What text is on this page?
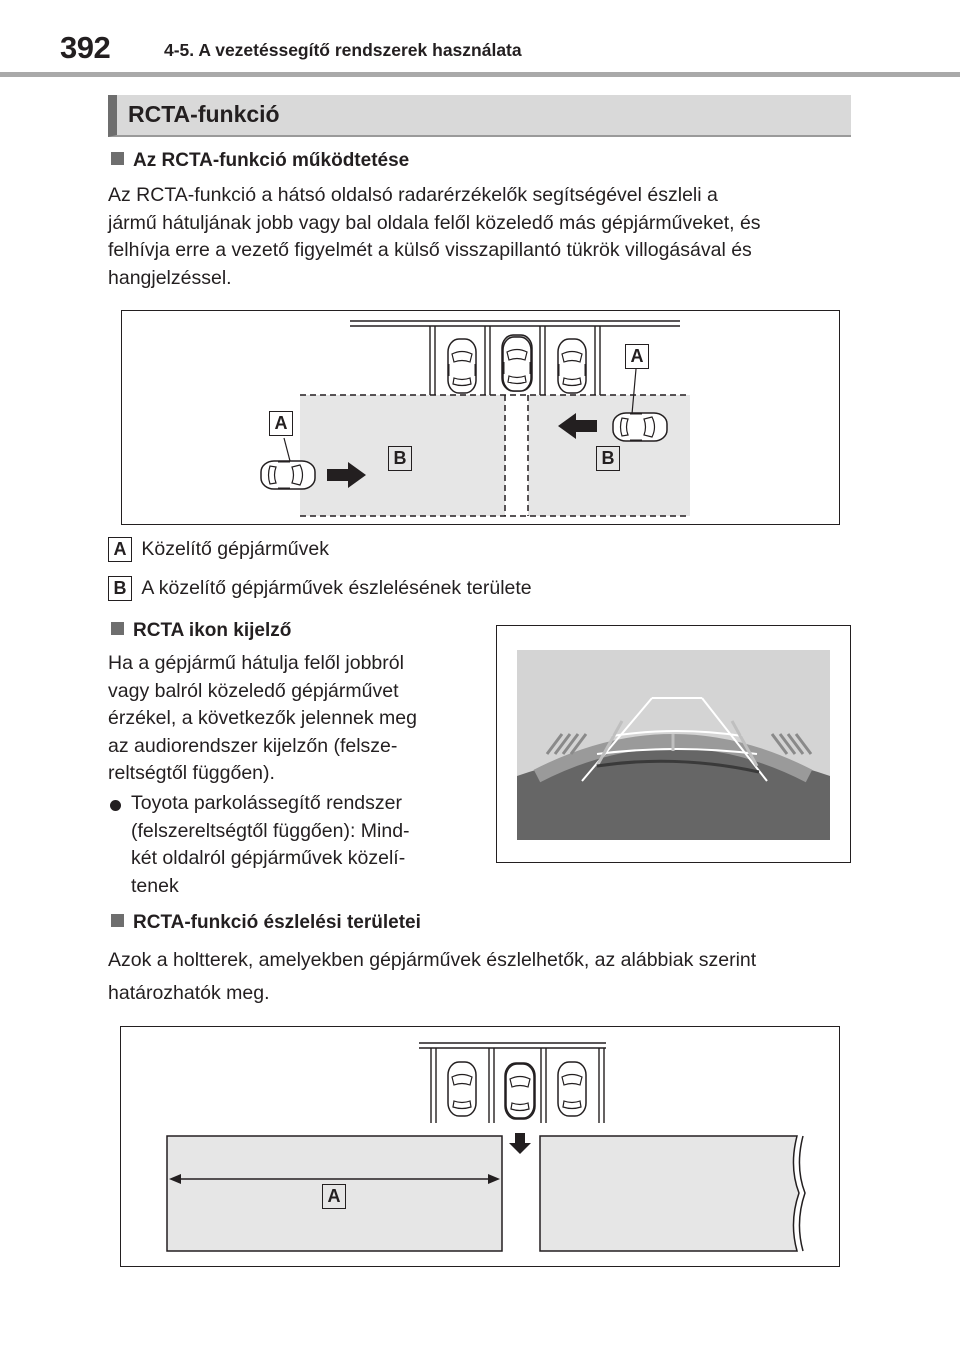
392	4-5. A vezetéssegítő rendszerek használata
RCTA-funkció
Az RCTA-funkció működtetése
Az RCTA-funkció a hátsó oldalsó radarérzékelők segítségével észleli a
jármű hátuljának jobb vagy bal oldala felől közeledő más gépjárműveket, és
felhívja erre a vezető figyelmét a külső visszapillantó tükrök villogásával és
hangjelzéssel.
A
A
B	B
A Közelítő gépjárművek
B A közelítő gépjárművek észlelésének területe
RCTA ikon kijelző
Ha a gépjármű hátulja felől jobbról
vagy balról közeledő gépjárművet
érzékel, a következők jelennek meg
az audiorendszer kijelzőn (felsze-
reltségtől függően).
Toyota parkolássegítő rendszer
(felszereltségtől függően): Mind-
két oldalról gépjárművek közelí-
tenek
RCTA-funkció észlelési területei
Azok a holtterek, amelyekben gépjárművek észlelhetők, az alábbiak szerint
határozhatók meg.
A
